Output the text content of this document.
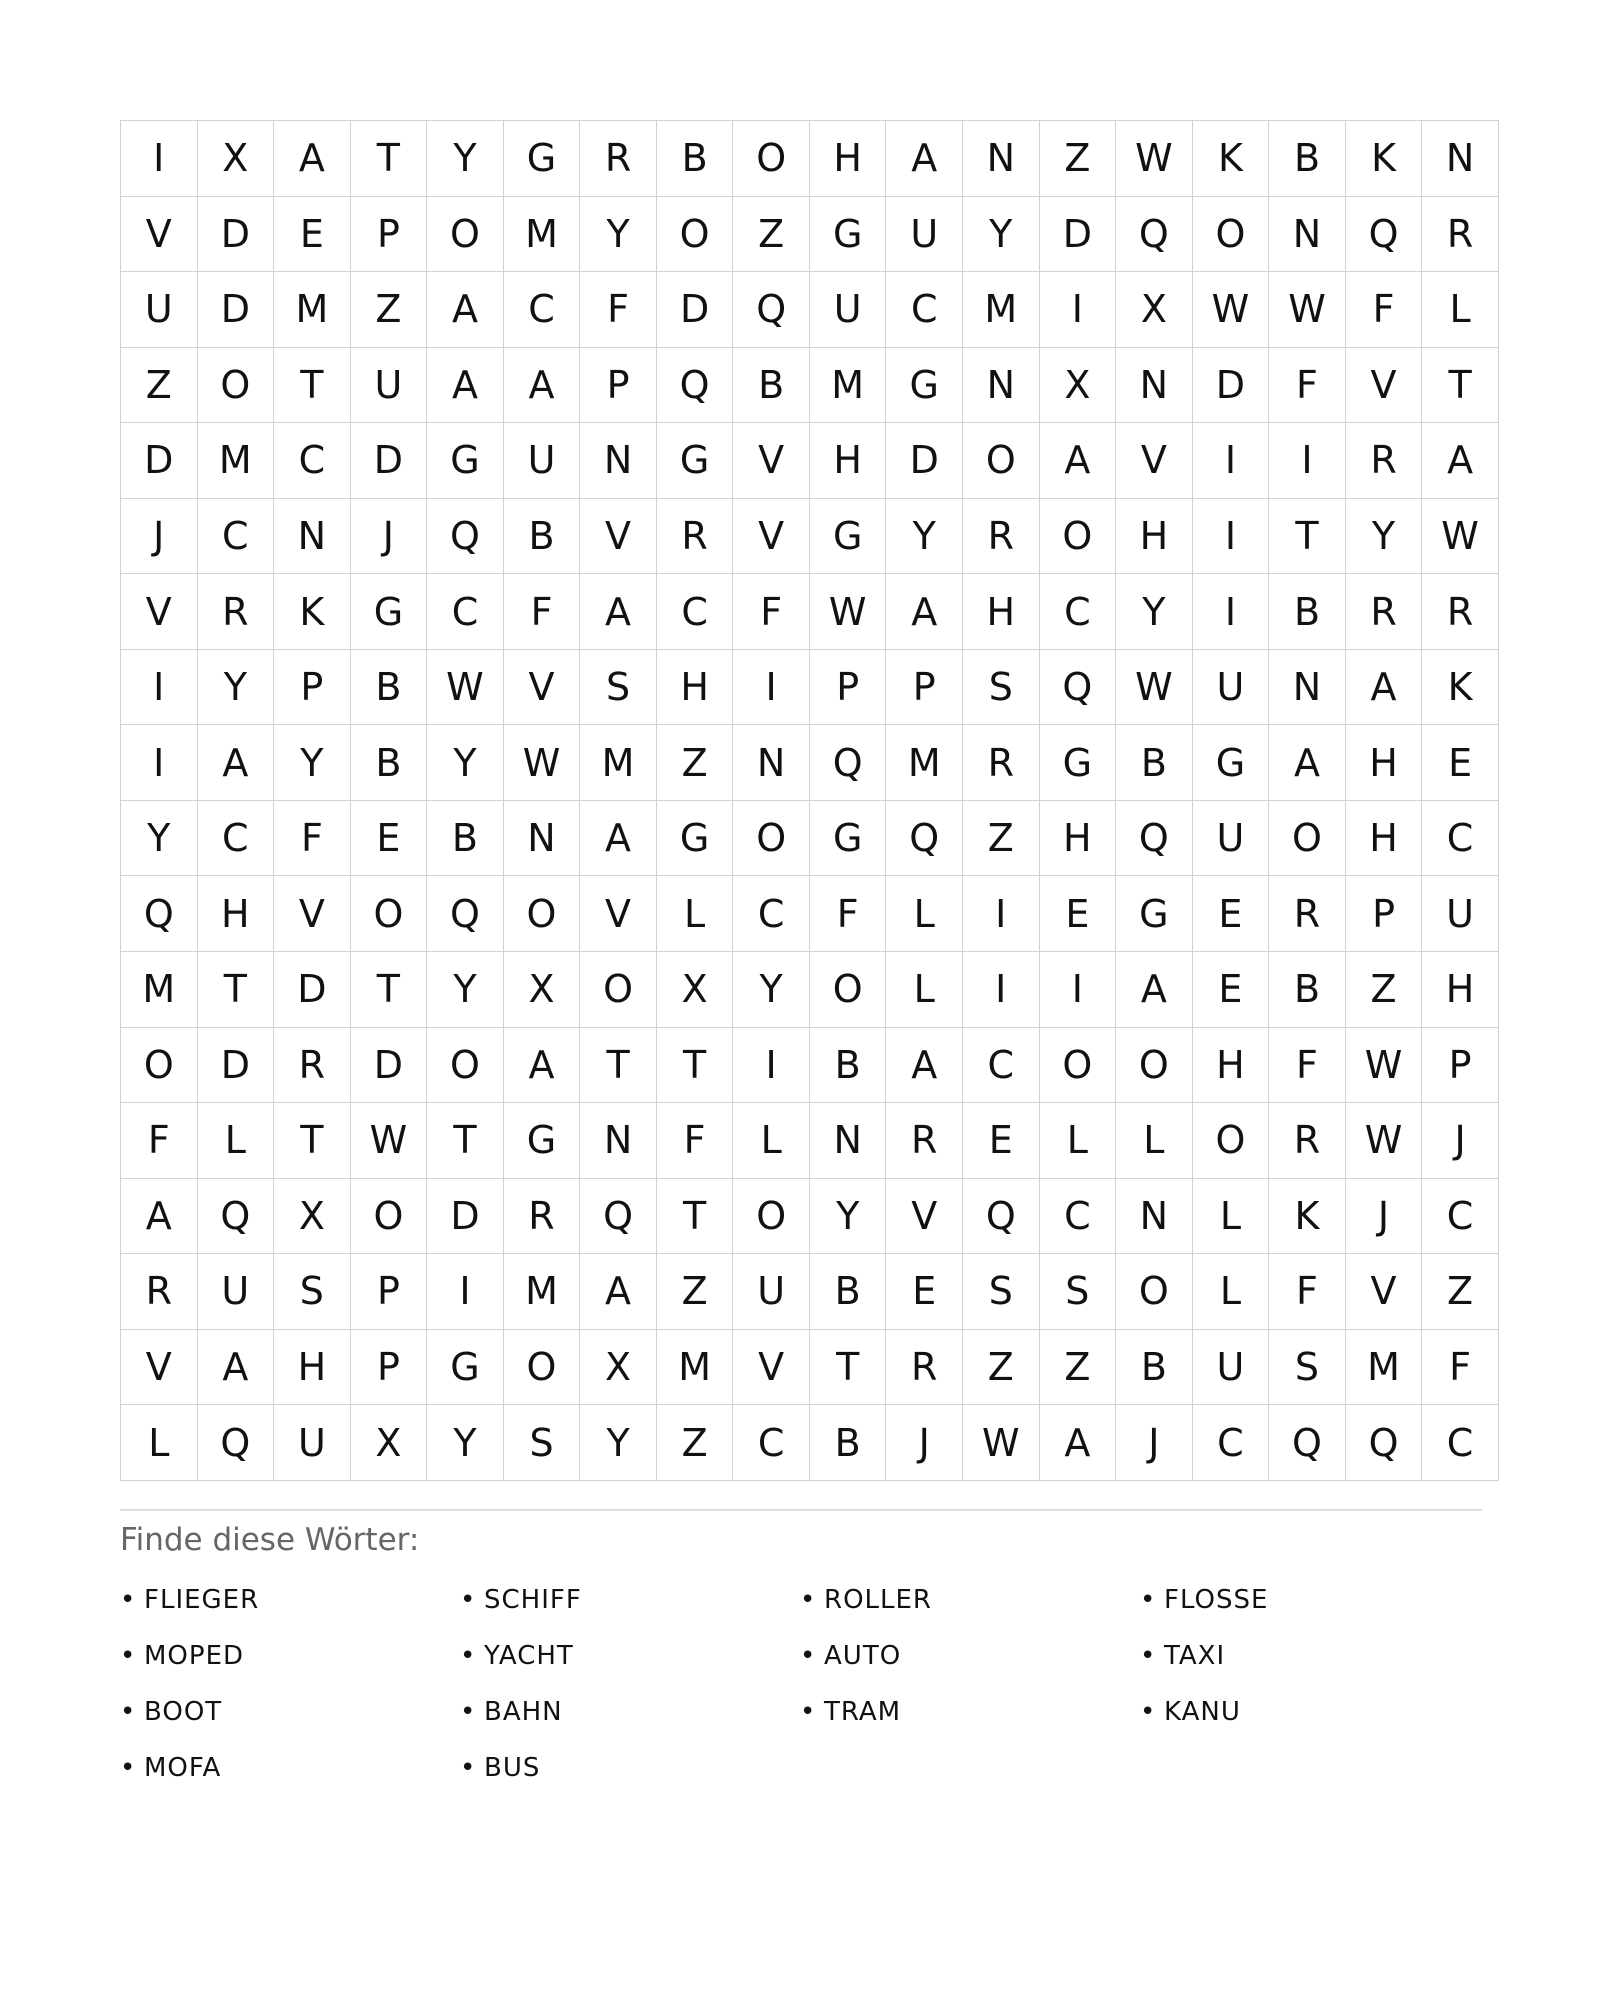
I	X	A	T	Y	G	R	B	O	H	A	N	Z	W	K	B	K	N
V	D	E	P	O	M	Y	O	Z	G	U	Y	D	Q	O	N	Q	R
U	D	M	Z	A	C	F	D	Q	U	C	M	I	X	W	W	F	L
Z	O	T	U	A	A	P	Q	B	M	G	N	X	N	D	F	V	T
D	M	C	D	G	U	N	G	V	H	D	O	A	V	I	I	R	A
J	C	N	J	Q	B	V	R	V	G	Y	R	O	H	I	T	Y	W
V	R	K	G	C	F	A	C	F	W	A	H	C	Y	I	B	R	R
I	Y	P	B	W	V	S	H	I	P	P	S	Q	W	U	N	A	K
I	A	Y	B	Y	W	M	Z	N	Q	M	R	G	B	G	A	H	E
Y	C	F	E	B	N	A	G	O	G	Q	Z	H	Q	U	O	H	C
Q	H	V	O	Q	O	V	L	C	F	L	I	E	G	E	R	P	U
M	T	D	T	Y	X	O	X	Y	O	L	I	I	A	E	B	Z	H
O	D	R	D	O	A	T	T	I	B	A	C	O	O	H	F	W	P
F	L	T	W	T	G	N	F	L	N	R	E	L	L	O	R	W	J
A	Q	X	O	D	R	Q	T	O	Y	V	Q	C	N	L	K	J	C
R	U	S	P	I	M	A	Z	U	B	E	S	S	O	L	F	V	Z
V	A	H	P	G	O	X	M	V	T	R	Z	Z	B	U	S	M	F
L	Q	U	X	Y	S	Y	Z	C	B	J	W	A	J	C	Q	Q	C
Finde diese Wörter:
• FLIEGER	• SCHIFF	• ROLLER	• FLOSSE
• MOPED	• YACHT	• AUTO	• TAXI
• BOOT	• BAHN	• TRAM	• KANU
• MOFA	• BUS
